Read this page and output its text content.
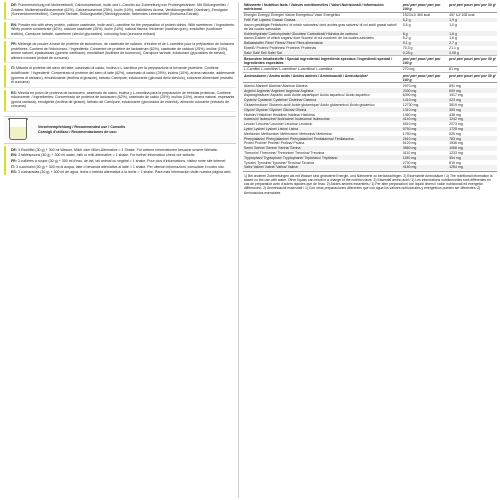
DE: Pulvereinrichung mit Molkeneiweiß, Calciumcaseinat, Inulin und L-Carnitin zur Zubereitung von Proteingetränken. Mit Süßungsmittel. / Zutaten: Molkeneiweißkonzentrat (62%), Calciumcaseinat (25%), Inulin (10%), natürliches Aroma, Verdickungsmittel (Xanthan), Emulgator (Sonnenblumenlecithin), Campure Tartrate, Süßungsmittel (Steviolglycoside, farbendes Lebensmittel (Kurkuma-Extrakt)

EN: Powder mix with whey protein, calcium caseinate, inulin and L-carnitine for the preparation of protein drinks. With sweetener. / Ingredients: Whey protein concentrate (62%), calcium caseinate (25%), inulin (10%), natural flavour, thickener (xanthan gum), emulsifier (sunflower lecithin), Carnipure tartrate, sweetener (steviol glycosides), colouring food (curcuma extract)

FR: Mélange de poudre à base de protéine de lactosérum, de caséinate de calcium, d'inuline et de L-carnitine pour la préparation de boissons protéinées. Contient de l'édulcorant. / Ingrédients: Concentré de protéine de lactosérum (62%), caséinate de calcium (25%), inuline (10%), arôme naturel, épaississant (gomme xanthane), émulsifiant (lécithine de tournesol), Carnipure tartrate, édulcorant (glycosides de stéviol), aliment colorant (extrait de curcuma)

IT: Miscela di proteine del siero del latte, caseinato di calcio, inulina e L-carnitina per la preparazione di bevande proteiche. Contiene dolcificante. / Ingredienti: Concentrato di proteine del siero di latte (62%), caseinato di calcio (25%), inulina (10%), aroma naturale, addensante (gomma di xantano), emulsionante (lecitina di girasole), tartrato Carnipure, edulcorante (glicosidi dello steviolo), colorante alimentare (estratto di curcuma)

ES: Mezcla en polvo de proteína de lactosuero, caseinato de calcio, inulina y L-carnitina para la preparación de bebidas proteicas. Contiene edulcorante. / Ingredientes: Concentrado de proteína de lactosuero (62%), caseinato de calcio (25%), inulina (10%), aroma natural, espesante (goma xantana), emulgente (lecitina de girasol), tartrato de Carnipure, edulcorante (glucósidos de esteviol), alimento colorante (extracto de cúrcuma)

Verzehrempfehlung / Recommended use / Conseils

Consigli d'utilizzo / Recomendaciones de uso:

DE: 3 Esslöffel (30 g) + 300 ml Wasser, Milch oder Milch-Alternative = 1 Shake. Für weitere Informationen besuche unsere Website.

EN: 3 tablespoons (30 g) + 300 ml water, milk or milk alternative = 1 shake. For further information check our website.

FR: 3 cuillères à soupe (30 g) + 300 ml d'eau, de lait, lait animal ou végétal = 1 shake. Pour plus d'informations, visitez notre site internet.

IT: 3 cucchiaini (30 g) + 300 ml di acqua, latte o bevanda alternativa al latte = 1 shake. Per ulteriori informazioni, consultare il nostro sito.

ES: 3 cucharadas (30 g) + 300 ml de agua, leche o bebida alternativa a la leche = 1 shake. Para más información visite nuestra página web.

Nährwerte / Nutrition facts / Valeurs nutritionnelles / Valori Nutrizionali / Información nutricional	pro/ per/ pour/ per/ por 100 g	pro/ per/ pour/ per/ por 30 g¹
Energie/ Energy/ Énergie/ Valore Energetico/ Valor Energético	1523 kJ/ 360 kcal	457 kJ/ 108 kcal
Fett/ Fat/ Lipides/ Grassi/ Grasas	6,2 g	1,9 g
davon gesättigte Fettsäuren/ of which saturates/ dont acides gras saturés/ di cui acidi grassi saturi/ de las cuales saturadas	3,5 g	1,0 g
Kohlenhydrate/ Carbohydrate/ Glucides/ Carboidrati/ Hidratos de carbono	6 g	1,8 g
davon Zucker/ of which sugars/ dont Sucres/ di cui zuccheri/ de los cuales azúcares	5,2 g	1,6 g
Ballaststoffe/ Fibre/ Fibres/ Fibre/ Fibra alimentaria	9,1 g	2,7 g
Eiweiß/ Protein/ Protéines/ Proteine/ Proteínas	70,3 g	21,1 g
Salz/ Salt/ Sel/ Sale/ Sal	0,28 g	0,08 g
Besondere Inhaltsstoffe / Special ingredients/ Ingrédients spéciaux / Ingredienti speciali / Ingredientes especiales	pro/ per/ pour/ per/ por 100 g	pro/ per/ pour/ per/ por 30 g¹
L-Carnitin/ L-carnitine/ L-carnitine/ L-carnitina/ L-carnitina	270 mg	81 mg
Aminosäuren / Amino acids / Acides aminés / Amminoacidi / Aminoácidos²	pro/ per/ pour/ per/ por 100 g	pro/ per/ pour/ per/ por 30 g¹
Alanin/ Alanine/ Alanine/ Alanina/ Alanina	2970 mg	891 mg
Arginin/ Arginine/ Arginine/ Arginina/ Arginina	2030 mg	609 mg
Asparaginsäure/ Aspartic acid/ Acide aspartique/ Acido aspartico/ Ácido aspártico	6390 mg	1917 mg
Cystein/ Cysteine/ Cystéine/ Cisteina/ Cisteína	1410 mg	423 mg
Glutaminsäure/ Glutamic acid/ Acide glutamique/ Acido glutammico/ Ácido glutámico	12730 mg	3819 mg
Glycin/ Glycine/ Glycine/ Glicina/ Glicina	1310 mg	393 mg
Histidin/ Histidine/ Histidine/ Istidina/ Histidina	1460 mg	438 mg
Isoleucin/ Isoleucine/ Isoleucine/ Isoleucina/ Isoleucina³	4140 mg	1242 mg
Leucin/ Leucine/ Leucine/ Leucina/ Leucina³	6910 mg	2073 mg
Lysin/ Lysine/ Lysine/ Lisina/ Lisina	5750 mg	1725 mg
Methionin/ Methionine/ Méthionine/ Metionina/ Metionina	1750 mg	525 mg
Phenylalanin/ Phenylalanine/ Phénylalanine/ Fenilalanina/ Fenilalanina	2610 mg	783 mg
Prolin/ Proline/ Proline/ Prolina/ Prolina	5120 mg	1536 mg
Serin/ Serine/ Sérine/ Serina/ Serina	3560 mg	1068 mg
Threonin/ Threonine/ Thréonine/ Treonina/ Treonina	4110 mg	1233 mg
Tryptophan/ Tryptophan/ Tryptophane/ Triptofano/ Triptófano	1180 mg	354 mg
Tyrosin/ Tyrosine/ Tyrosine/ Tirosina/ Tirosina	2730 mg	819 mg
Valin/ Valine/ Valine/ Valina/ Valina³	4180 mg	1254 mg
1) Bei anderen Zubereitungen als mit Wasser sind geänderte Energie- und Nährwerte zu berücksichtigen. 2) Essenzielle Aminosäure / 1) The nutritional information is based on the use with water. Other liquids can result in a change of the nutrition facts. 2) Essential amino acid / 1) Les informations nutritionnelles sont différentes en cas de préparation avec d'autres liquides que de l'eau. 2) Acides aminés essentiels / 1) Per altre preparazioni con liquidi diversi i valori nutrizionali ed energetici differiscono. 2) Amminoacidi essenziali / 1) Con otras preparaciones diferentes que con agua los valores nutricionales y energéticos pueden ser diferentes. 2) Aminoácidos esenciales
